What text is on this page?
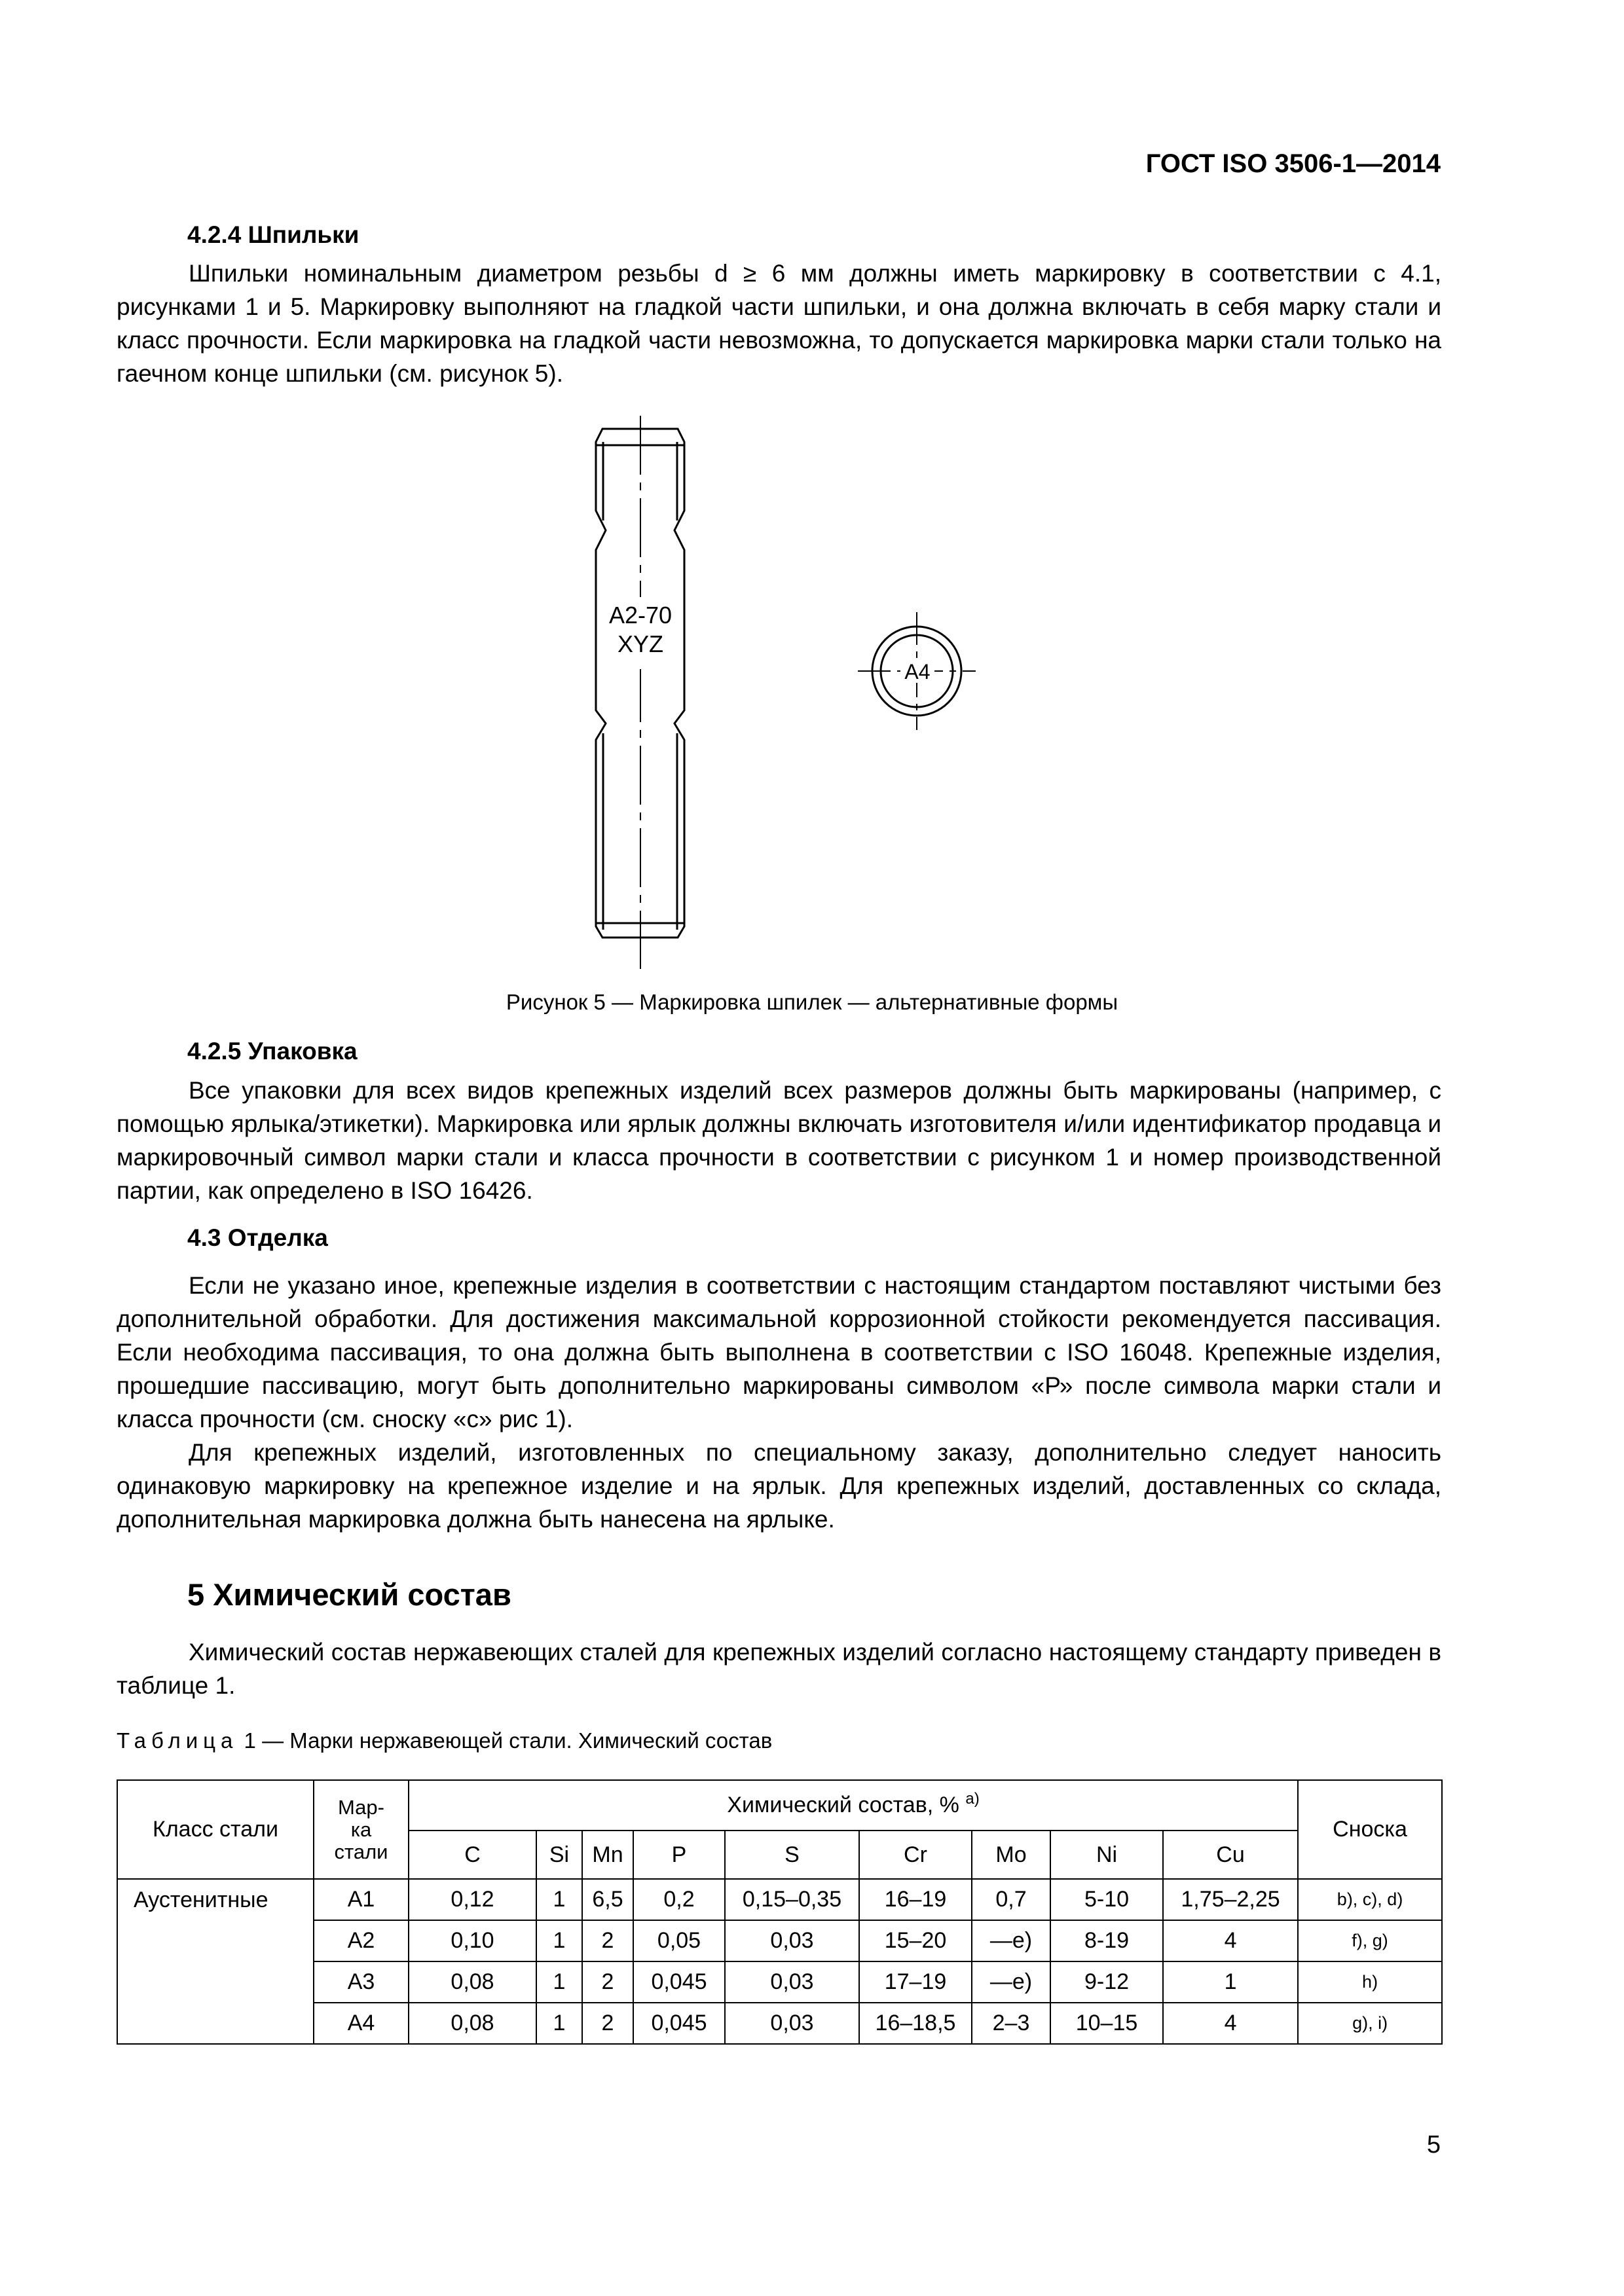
ГОСТ ISO 3506-1—2014
4.2.4 Шпильки

Шпильки номинальным диаметром резьбы d ≥ 6 мм должны иметь маркировку в соответствии с 4.1, рисунками 1 и 5. Маркировку выполняют на гладкой части шпильки, и она должна включать в себя марку стали и класс прочности. Если маркировка на гладкой части невозможна, то допускается маркировка марки стали только на гаечном конце шпильки (см. рисунок 5).

A2-70
XYZ
A4
Рисунок 5 — Маркировка шпилек — альтернативные формы
4.2.5 Упаковка

Все упаковки для всех видов крепежных изделий всех размеров должны быть маркированы (например, с помощью ярлыка/этикетки). Маркировка или ярлык должны включать изготовителя и/или идентификатор продавца и маркировочный символ марки стали и класса прочности в соответствии с рисунком 1 и номер производственной партии, как определено в ISO 16426.

4.3 Отделка

Если не указано иное, крепежные изделия в соответствии с настоящим стандартом поставляют чистыми без дополнительной обработки. Для достижения максимальной коррозионной стойкости рекомендуется пассивация. Если необходима пассивация, то она должна быть выполнена в соответствии с ISO 16048. Крепежные изделия, прошедшие пассивацию, могут быть дополнительно маркированы символом «Р» после символа марки стали и класса прочности (см. сноску «с» рис 1).

Для крепежных изделий, изготовленных по специальному заказу, дополнительно следует наносить одинаковую маркировку на крепежное изделие и на ярлык. Для крепежных изделий, доставленных со склада, дополнительная маркировка должна быть нанесена на ярлыке.

5 Химический состав

Химический состав нержавеющих сталей для крепежных изделий согласно настоящему стандарту приведен в таблице 1.

Таблица 1 — Марки нержавеющей стали. Химический состав
Класс стали	Мар-
ка
стали	Химический состав, % $^{a)}$									Сноска
		C	Si	Mn	P	S	Cr	Mo	Ni	Cu	
Аустенитные	A1	0,12	1	6,5	0,2	0,15–0,35	16–19	0,7	5-10	1,75–2,25	b), c), d)
	A2	0,10	1	2	0,05	0,03	15–20	—e)	8-19	4	f), g)
	A3	0,08	1	2	0,045	0,03	17–19	—e)	9-12	1	h)
	A4	0,08	1	2	0,045	0,03	16–18,5	2–3	10–15	4	g), i)
5
